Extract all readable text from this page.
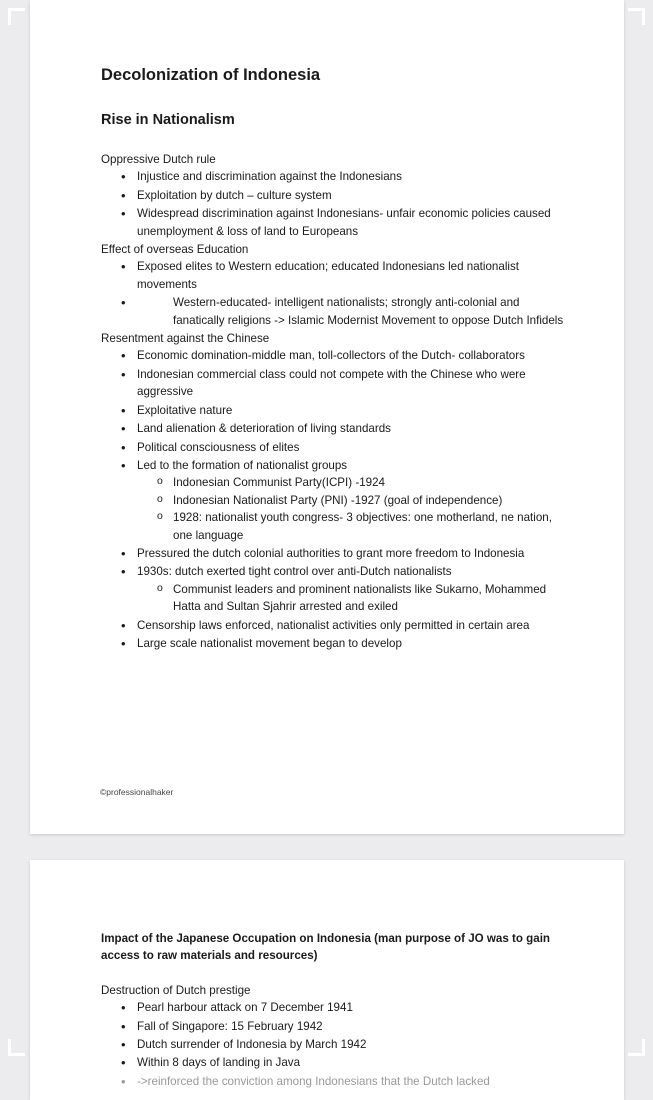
Decolonization of Indonesia
Rise in Nationalism

Oppressive Dutch rule

• Injustice and discrimination against the Indonesians
• Exploitation by dutch – culture system
• Widespread discrimination against Indonesians- unfair economic policies caused unemployment & loss of land to Europeans

Effect of overseas Education

• Exposed elites to Western education; educated Indonesians led nationalist movements
• Western-educated- intelligent nationalists; strongly anti-colonial and fanatically religions -> Islamic Modernist Movement to oppose Dutch Infidels

Resentment against the Chinese

• Economic domination-middle man, toll-collectors of the Dutch- collaborators
• Indonesian commercial class could not compete with the Chinese who were aggressive
• Exploitative nature
• Land alienation & deterioration of living standards
• Political consciousness of elites
• Led to the formation of nationalist groups
o Indonesian Communist Party(ICPI) -1924
o Indonesian Nationalist Party (PNI) -1927 (goal of independence)
o 1928: nationalist youth congress- 3 objectives: one motherland, ne nation, one language
• Pressured the dutch colonial authorities to grant more freedom to Indonesia
• 1930s: dutch exerted tight control over anti-Dutch nationalists
o Communist leaders and prominent nationalists like Sukarno, Mohammed Hatta and Sultan Sjahrir arrested and exiled
• Censorship laws enforced, nationalist activities only permitted in certain area
• Large scale nationalist movement began to develop
©professionalhaker

Impact of the Japanese Occupation on Indonesia (man purpose of JO was to gain access to raw materials and resources)

Destruction of Dutch prestige

• Pearl harbour attack on 7 December 1941
• Fall of Singapore: 15 February 1942
• Dutch surrender of Indonesia by March 1942
• Within 8 days of landing in Java
• ->reinforced the conviction among Indonesians that the Dutch lacked
